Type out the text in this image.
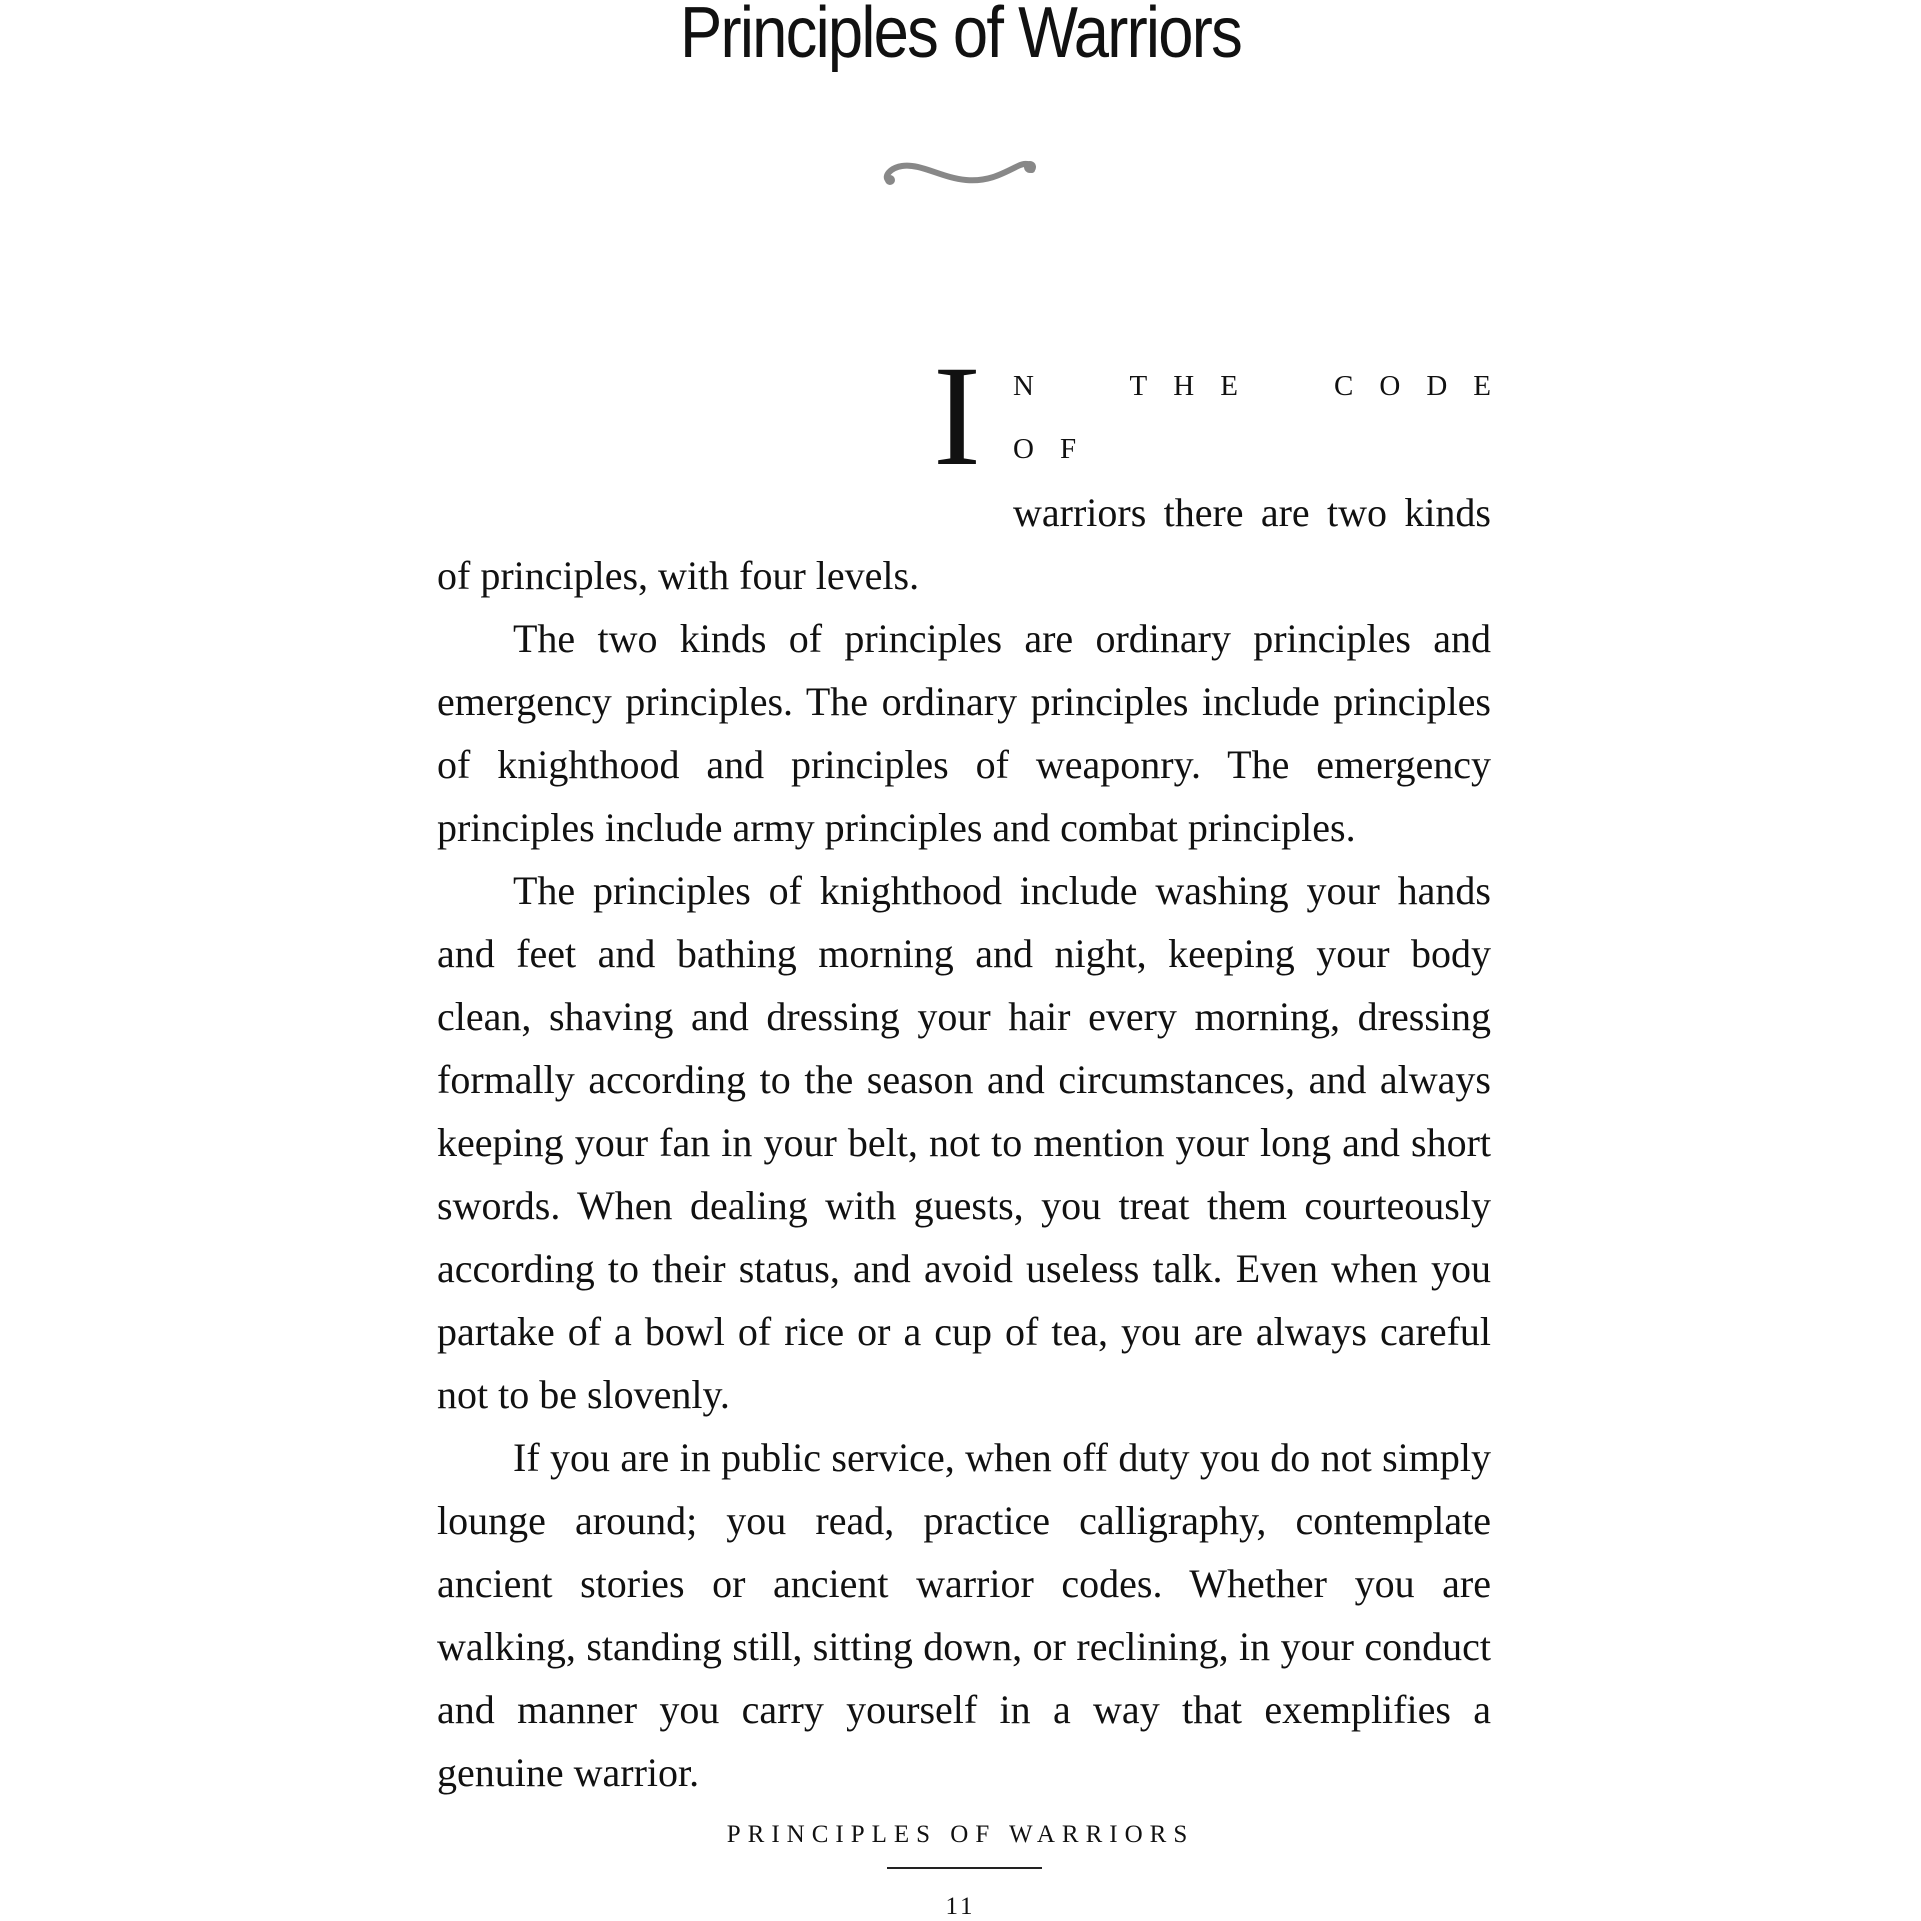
Principles of Warriors

I N THE CODE OF
warriors there are two kinds
of principles, with four levels.

The two kinds of principles are ordinary principles and emergency principles. The ordinary principles include principles of knighthood and principles of weaponry. The emergency principles include army principles and combat principles.

The principles of knighthood include washing your hands and feet and bathing morning and night, keeping your body clean, shaving and dressing your hair every morning, dressing formally according to the season and circumstances, and always keeping your fan in your belt, not to mention your long and short swords. When dealing with guests, you treat them courteously according to their status, and avoid useless talk. Even when you partake of a bowl of rice or a cup of tea, you are always careful not to be slovenly.

If you are in public service, when off duty you do not simply lounge around; you read, practice calligraphy, contemplate ancient stories or ancient warrior codes. Whether you are walking, standing still, sitting down, or reclining, in your conduct and manner you carry yourself in a way that exemplifies a genuine warrior.

PRINCIPLES OF WARRIORS
11
